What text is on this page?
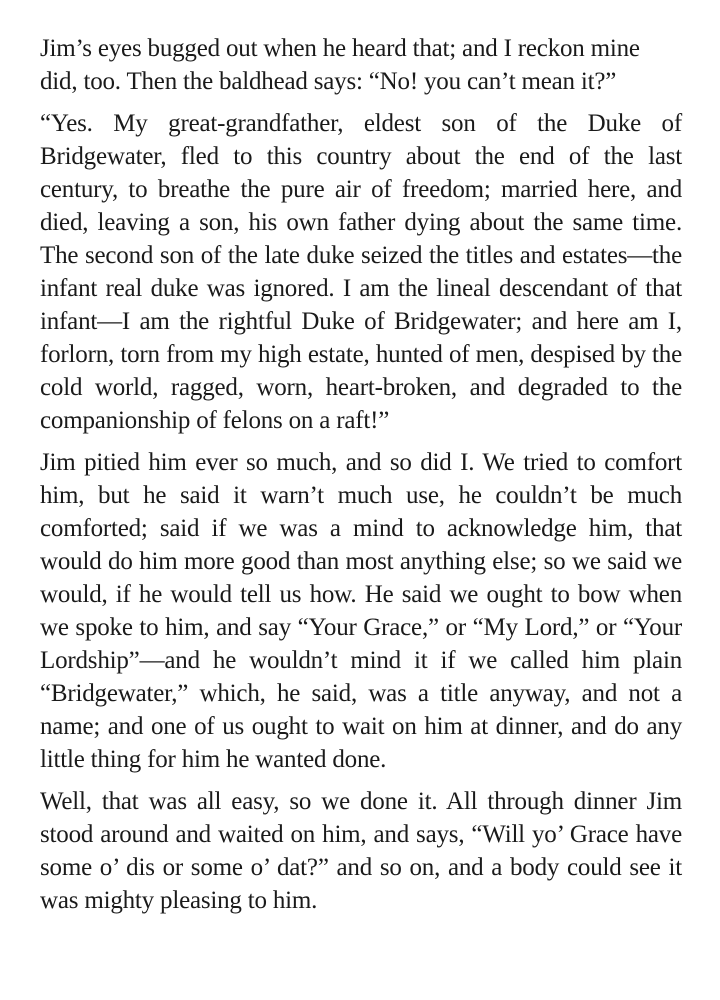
Jim’s eyes bugged out when he heard that; and I reckon mine did, too. Then the baldhead says: “No! you can’t mean it?”

“Yes. My great-grandfather, eldest son of the Duke of Bridgewater, fled to this country about the end of the last century, to breathe the pure air of freedom; married here, and died, leaving a son, his own father dying about the same time. The second son of the late duke seized the titles and estates—the infant real duke was ignored. I am the lineal descendant of that infant—I am the rightful Duke of Bridgewater; and here am I, forlorn, torn from my high estate, hunted of men, despised by the cold world, ragged, worn, heart-broken, and degraded to the companionship of felons on a raft!”

Jim pitied him ever so much, and so did I. We tried to comfort him, but he said it warn’t much use, he couldn’t be much comforted; said if we was a mind to acknowledge him, that would do him more good than most anything else; so we said we would, if he would tell us how. He said we ought to bow when we spoke to him, and say “Your Grace,” or “My Lord,” or “Your Lordship”—and he wouldn’t mind it if we called him plain “Bridgewater,” which, he said, was a title anyway, and not a name; and one of us ought to wait on him at dinner, and do any little thing for him he wanted done.

Well, that was all easy, so we done it. All through dinner Jim stood around and waited on him, and says, “Will yo’ Grace have some o’ dis or some o’ dat?” and so on, and a body could see it was mighty pleasing to him.
